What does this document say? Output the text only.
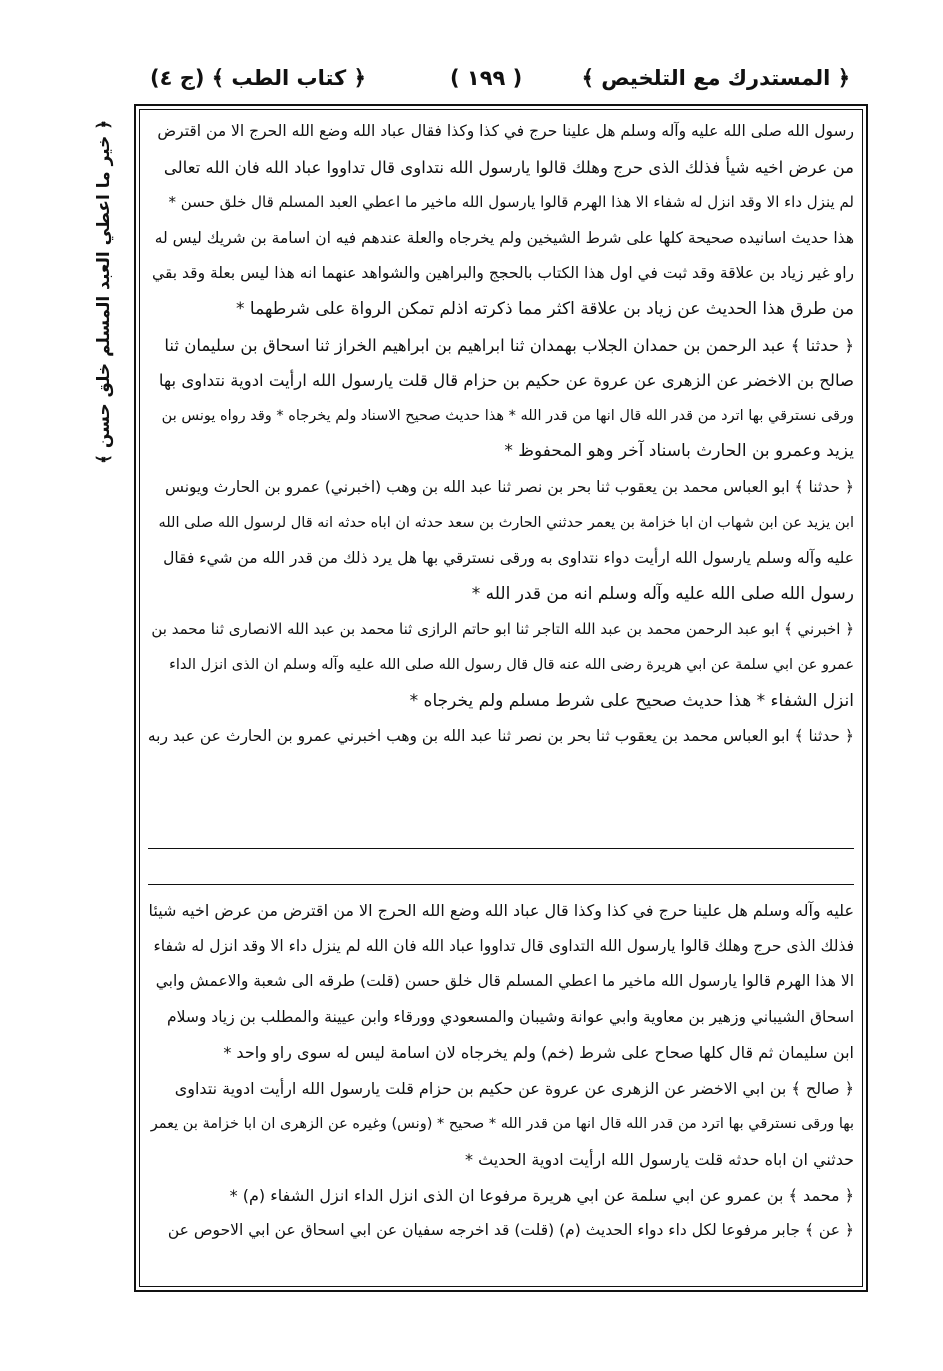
﴿ المستدرك مع التلخيص ﴾
( ١٩٩ )
﴿ كتاب الطب ﴾ (ج ٤)
﴿ خير ما اعطي العبد المسلم خلق حسن ﴾	رسول الله صلى الله عليه وآله وسلم هل علينا حرج في كذا وكذا فقال عباد الله وضع الله الحرج الا من اقترض
من عرض اخيه شيأ فذلك الذى حرج وهلك قالوا يارسول الله نتداوى قال تداووا عباد الله فان الله تعالى
لم ينزل داء الا وقد انزل له شفاء الا هذا الهرم قالوا يارسول الله ماخير ما اعطي العبد المسلم قال خلق حسن *
هذا حديث اسانيده صحيحة كلها على شرط الشيخين ولم يخرجاه والعلة عندهم فيه ان اسامة بن شريك ليس له
راو غير زياد بن علاقة وقد ثبت في اول هذا الكتاب بالحجج والبراهين والشواهد عنهما انه هذا ليس بعلة وقد بقي
من طرق هذا الحديث عن زياد بن علاقة اكثر مما ذكرته اذلم تمكن الرواة على شرطهما *
﴿ حدثنا ﴾ عبد الرحمن بن حمدان الجلاب بهمدان ثنا ابراهيم بن ابراهيم الخراز ثنا اسحاق بن سليمان ثنا
صالح بن الاخضر عن الزهرى عن عروة عن حكيم بن حزام قال قلت يارسول الله ارأيت ادوية نتداوى بها
ورقى نسترقي بها اترد من قدر الله قال انها من قدر الله * هذا حديث صحيح الاسناد ولم يخرجاه * وقد رواه يونس بن
يزيد وعمرو بن الحارث باسناد آخر وهو المحفوظ *
﴿ حدثنا ﴾ ابو العباس محمد بن يعقوب ثنا بحر بن نصر ثنا عبد الله بن وهب (اخبرني) عمرو بن الحارث ويونس
ابن يزيد عن ابن شهاب ان ابا خزامة بن يعمر حدثني الحارث بن سعد حدثه ان اباه حدثه انه قال لرسول الله صلى الله
عليه وآله وسلم يارسول الله ارأيت دواء نتداوى به ورقى نسترقي بها هل يرد ذلك من قدر الله من شيء فقال
رسول الله صلى الله عليه وآله وسلم انه من قدر الله *
﴿ اخبرني ﴾ ابو عبد الرحمن محمد بن عبد الله التاجر ثنا ابو حاتم الرازى ثنا محمد بن عبد الله الانصارى ثنا محمد بن
عمرو عن ابي سلمة عن ابي هريرة رضى الله عنه قال قال رسول الله صلى الله عليه وآله وسلم ان الذى انزل الداء
انزل الشفاء * هذا حديث صحيح على شرط مسلم ولم يخرجاه *
﴿ حدثنا ﴾ ابو العباس محمد بن يعقوب ثنا بحر بن نصر ثنا عبد الله بن وهب اخبرني عمرو بن الحارث عن عبد ربه
عليه وآله وسلم هل علينا حرج في كذا وكذا قال عباد الله وضع الله الحرج الا من اقترض من عرض اخيه شيئا
فذلك الذى حرج وهلك قالوا يارسول الله التداوى قال تداووا عباد الله فان الله لم ينزل داء الا وقد انزل له شفاء
الا هذا الهرم قالوا يارسول الله ماخير ما اعطي المسلم قال خلق حسن (قلت) طرقه الى شعبة والاعمش وابي
اسحاق الشيباني وزهير بن معاوية وابي عوانة وشيبان والمسعودي وورقاء وابن عيينة والمطلب بن زياد وسلام
ابن سليمان ثم قال كلها صحاح على شرط (خم) ولم يخرجاه لان اسامة ليس له سوى راو واحد *
﴿ صالح ﴾ بن ابي الاخضر عن الزهرى عن عروة عن حكيم بن حزام قلت يارسول الله ارأيت ادوية نتداوى
بها ورقى نسترقي بها اترد من قدر الله قال انها من قدر الله * صحيح * (ونس) وغيره عن الزهرى ان ابا خزامة بن يعمر
حدثني ان اباه حدثه قلت يارسول الله ارأيت ادوية الحديث *
﴿ محمد ﴾ بن عمرو عن ابي سلمة عن ابي هريرة مرفوعا ان الذى انزل الداء انزل الشفاء (م) *
﴿ عن ﴾ جابر مرفوعا لكل داء دواء الحديث (م) (قلت) قد اخرجه سفيان عن ابي اسحاق عن ابي الاحوص عن
